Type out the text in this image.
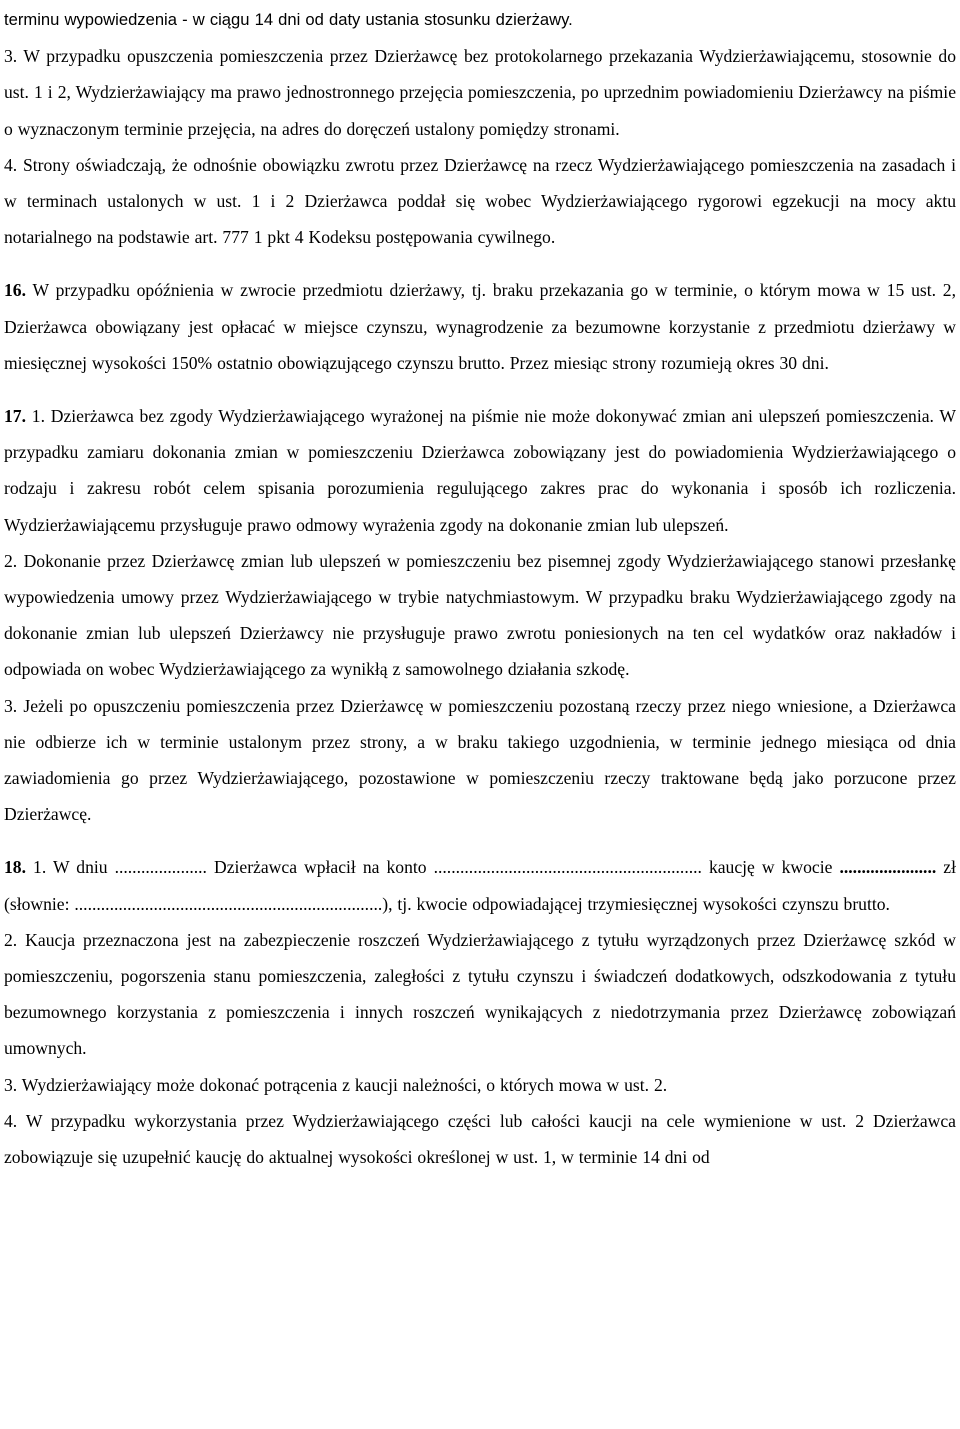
terminu wypowiedzenia - w ciągu 14 dni od daty ustania stosunku dzierżawy.

3. W przypadku opuszczenia pomieszczenia przez Dzierżawcę bez protokolarnego przekazania Wydzierżawiającemu, stosownie do ust. 1 i 2, Wydzierżawiający ma prawo jednostronnego przejęcia pomieszczenia, po uprzednim powiadomieniu Dzierżawcy na piśmie o wyznaczonym terminie przejęcia, na adres do doręczeń ustalony pomiędzy stronami.

4. Strony oświadczają, że odnośnie obowiązku zwrotu przez Dzierżawcę na rzecz Wydzierżawiającego pomieszczenia na zasadach i w terminach ustalonych w ust. 1 i 2 Dzierżawca poddał się wobec Wydzierżawiającego rygorowi egzekucji na mocy aktu notarialnego na podstawie art. 777 1 pkt 4 Kodeksu postępowania cywilnego.

16. W przypadku opóźnienia w zwrocie przedmiotu dzierżawy, tj. braku przekazania go w terminie, o którym mowa w 15 ust. 2, Dzierżawca obowiązany jest opłacać w miejsce czynszu, wynagrodzenie za bezumowne korzystanie z przedmiotu dzierżawy w miesięcznej wysokości 150% ostatnio obowiązującego czynszu brutto. Przez miesiąc strony rozumieją okres 30 dni.

17. 1. Dzierżawca bez zgody Wydzierżawiającego wyrażonej na piśmie nie może dokonywać zmian ani ulepszeń pomieszczenia. W przypadku zamiaru dokonania zmian w pomieszczeniu Dzierżawca zobowiązany jest do powiadomienia Wydzierżawiającego o rodzaju i zakresu robót celem spisania porozumienia regulującego zakres prac do wykonania i sposób ich rozliczenia. Wydzierżawiającemu przysługuje prawo odmowy wyrażenia zgody na dokonanie zmian lub ulepszeń.

2. Dokonanie przez Dzierżawcę zmian lub ulepszeń w pomieszczeniu bez pisemnej zgody Wydzierżawiającego stanowi przesłankę wypowiedzenia umowy przez Wydzierżawiającego w trybie natychmiastowym. W przypadku braku Wydzierżawiającego zgody na dokonanie zmian lub ulepszeń Dzierżawcy nie przysługuje prawo zwrotu poniesionych na ten cel wydatków oraz nakładów i odpowiada on wobec Wydzierżawiającego za wynikłą z samowolnego działania szkodę.

3. Jeżeli po opuszczeniu pomieszczenia przez Dzierżawcę w pomieszczeniu pozostaną rzeczy przez niego wniesione, a Dzierżawca nie odbierze ich w terminie ustalonym przez strony, a w braku takiego uzgodnienia, w terminie jednego miesiąca od dnia zawiadomienia go przez Wydzierżawiającego, pozostawione w pomieszczeniu rzeczy traktowane będą jako porzucone przez Dzierżawcę.

18. 1. W dniu ..................... Dzierżawca wpłacił na konto ............................................................. kaucję w kwocie ...................... zł (słownie: ......................................................................), tj. kwocie odpowiadającej trzymiesięcznej wysokości czynszu brutto.

2. Kaucja przeznaczona jest na zabezpieczenie roszczeń Wydzierżawiającego z tytułu wyrządzonych przez Dzierżawcę szkód w pomieszczeniu, pogorszenia stanu pomieszczenia, zaległości z tytułu czynszu i świadczeń dodatkowych, odszkodowania z tytułu bezumownego korzystania z pomieszczenia i innych roszczeń wynikających z niedotrzymania przez Dzierżawcę zobowiązań umownych.

3. Wydzierżawiający może dokonać potrącenia z kaucji należności, o których mowa w ust. 2.

4. W przypadku wykorzystania przez Wydzierżawiającego części lub całości kaucji na cele wymienione w ust. 2 Dzierżawca zobowiązuje się uzupełnić kaucję do aktualnej wysokości określonej w ust. 1, w terminie 14 dni od
